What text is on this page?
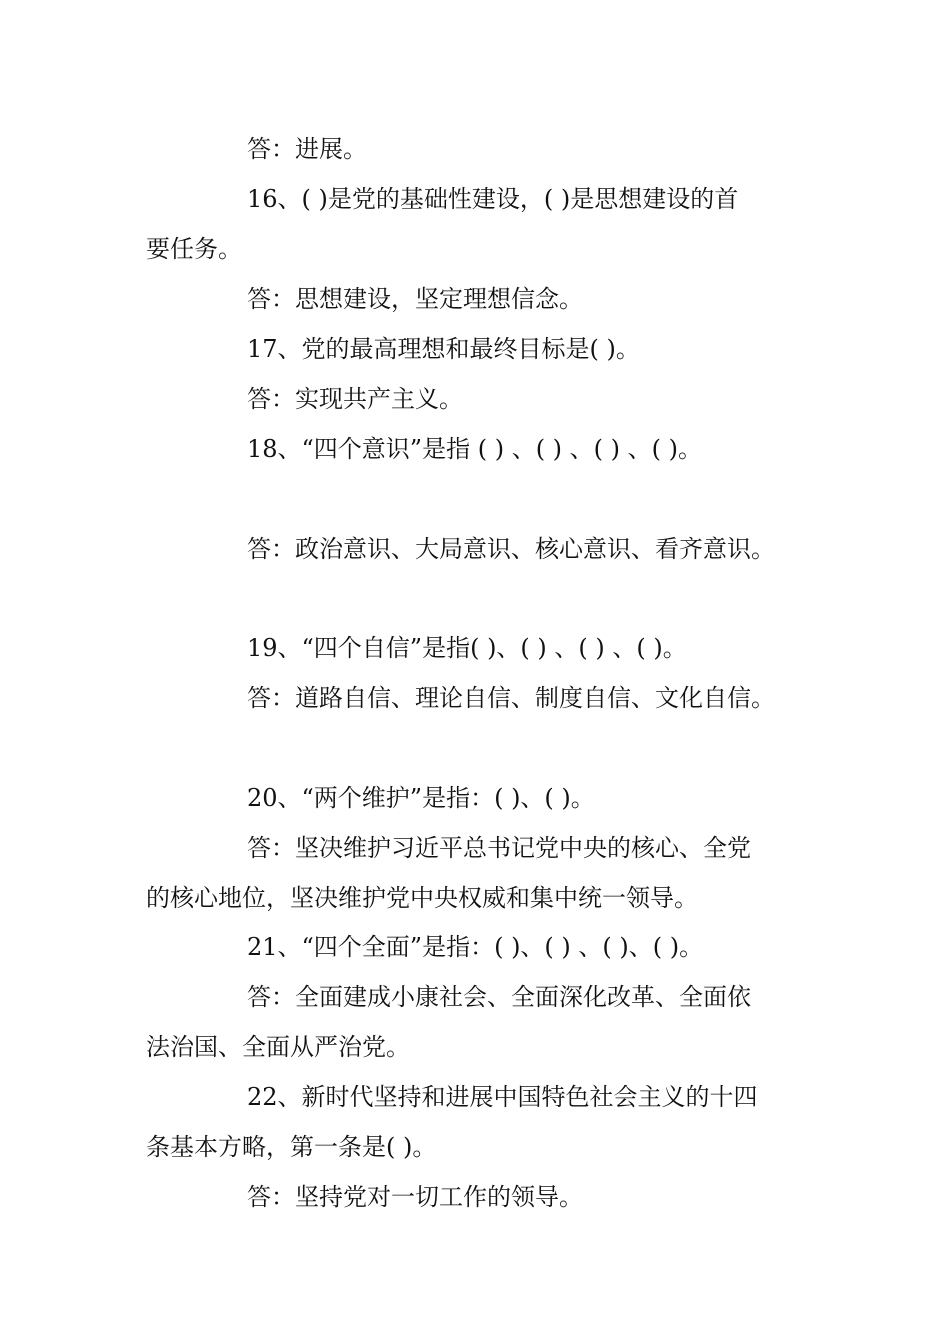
答：进展。
16、( )是党的基础性建设，( )是思想建设的首
要任务。
答：思想建设，坚定理想信念。
17、党的最高理想和最终目标是( )。
答：实现共产主义。
18、“四个意识”是指 ( ) 、( ) 、( ) 、( )。
答：政治意识、大局意识、核心意识、看齐意识。
19、“四个自信”是指( )、( ) 、( ) 、( )。
答：道路自信、理论自信、制度自信、文化自信。
20、“两个维护”是指：( )、( )。
答：坚决维护习近平总书记党中央的核心、全党
的核心地位，坚决维护党中央权威和集中统一领导。
21、“四个全面”是指：( )、( ) 、( )、( )。
答：全面建成小康社会、全面深化改革、全面依
法治国、全面从严治党。
22、新时代坚持和进展中国特色社会主义的十四
条基本方略，第一条是( )。
答：坚持党对一切工作的领导。
